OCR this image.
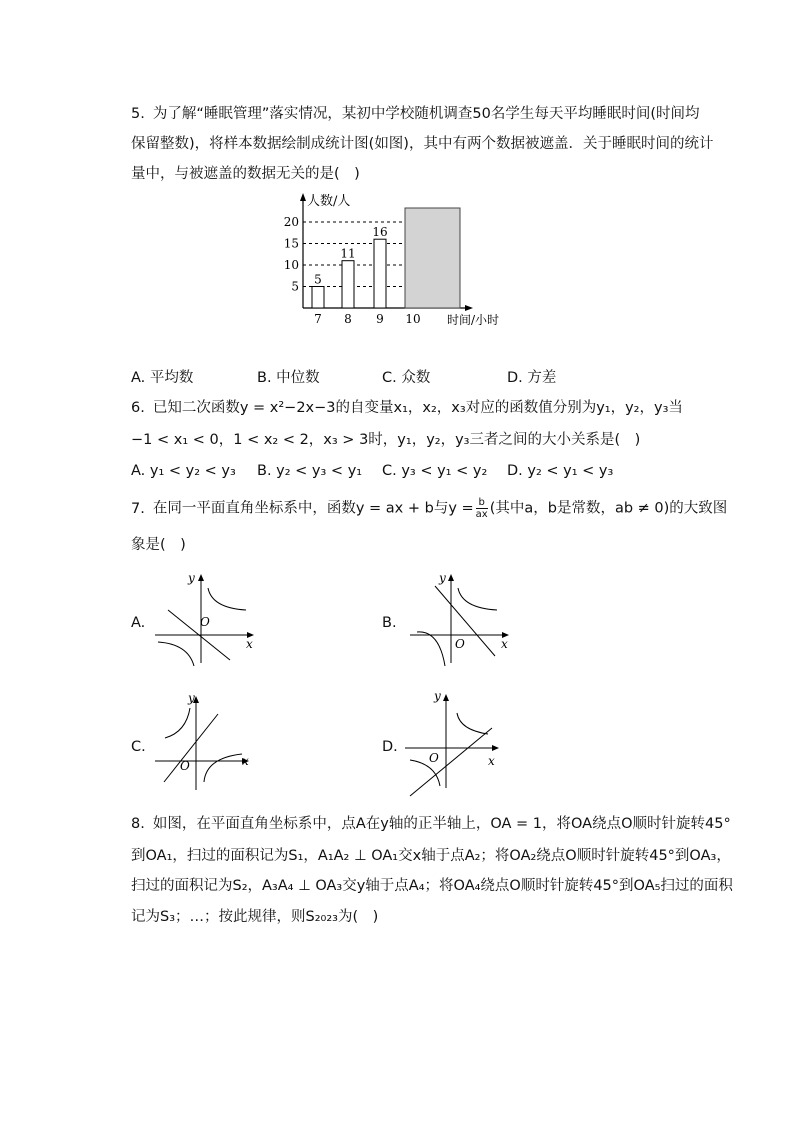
5. 为了解“睡眠管理”落实情况，某初中学校随机调查50名学生每天平均睡眠时间(时间均
保留整数)，将样本数据绘制成统计图(如图)，其中有两个数据被遮盖．关于睡眠时间的统计
量中，与被遮盖的数据无关的是(　)
人数/人
时间/小时
5
10
15
20
7
5
8
11
9
16
10
A. 平均数	B. 中位数	C. 众数	D. 方差
6. 已知二次函数y = x²−2x−3的自变量x₁，x₂，x₃对应的函数值分别为y₁，y₂，y₃当
−1 < x₁ < 0，1 < x₂ < 2，x₃ > 3时，y₁，y₂，y₃三者之间的大小关系是(　)
A. y₁ < y₂ < y₃ B. y₂ < y₃ < y₁ C. y₃ < y₁ < y₂ D. y₂ < y₁ < y₃
7. 在同一平面直角坐标系中，函数y = ax + b与$y = \frac{b}{ax}$ (其中a，b是常数，ab ≠ 0)的大致图
象是(　)
A.
x
y
O	B.
x
y
O
C.
x
y
O
D.
x
y
O
8. 如图，在平面直角坐标系中，点A在y轴的正半轴上，OA = 1，将OA绕点O顺时针旋转45°
到OA₁，扫过的面积记为S₁，A₁A₂ ⊥ OA₁交x轴于点A₂；将OA₂绕点O顺时针旋转45°到OA₃，
扫过的面积记为S₂，A₃A₄ ⊥ OA₃交y轴于点A₄；将OA₄绕点O顺时针旋转45°到OA₅扫过的面积
记为S₃；…；按此规律，则S₂₀₂₃为(　)
